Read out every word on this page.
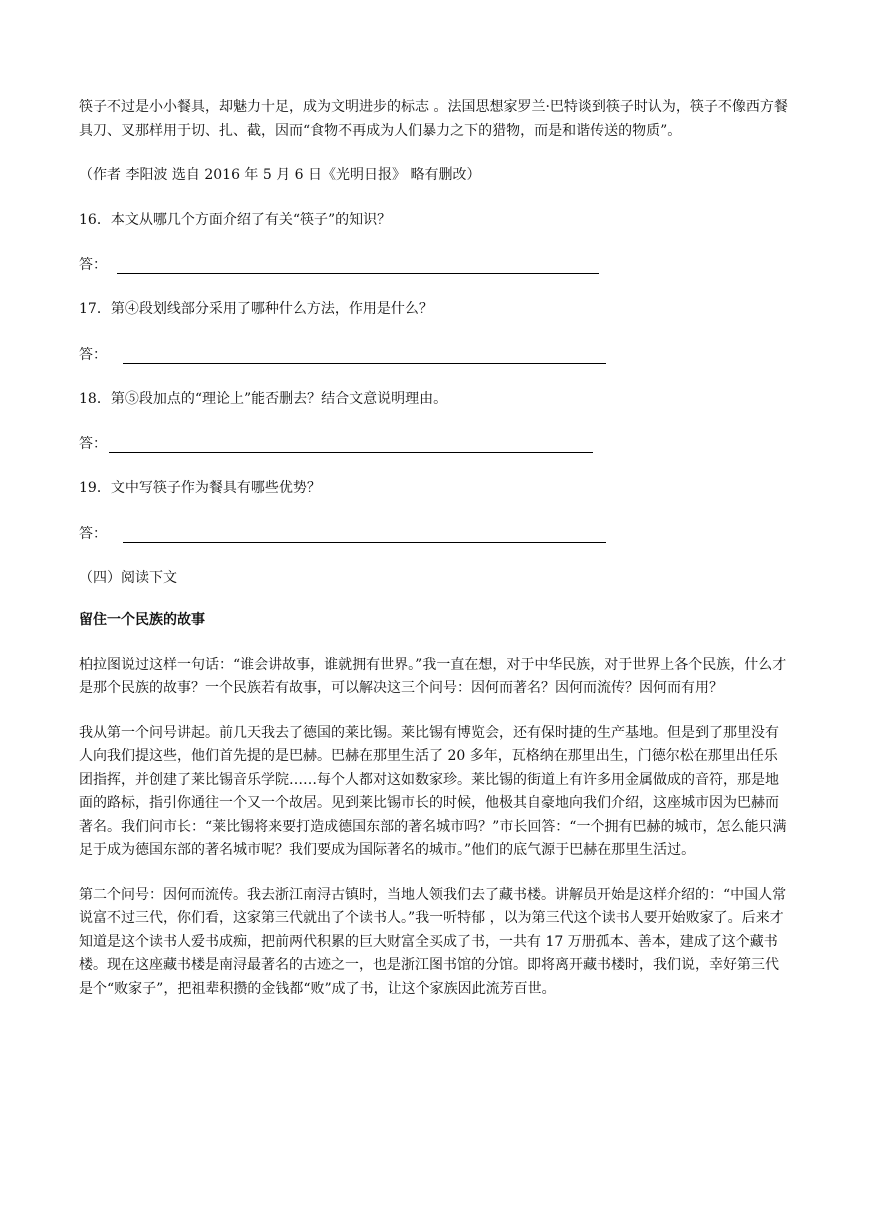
筷子不过是小小餐具，却魅力十足，成为文明进步的标志 。法国思想家罗兰·巴特谈到筷子时认为，筷子不像西方餐具刀、叉那样用于切、扎、截，因而“食物不再成为人们暴力之下的猎物，而是和谐传送的物质”。

（作者 李阳波 选自 2016 年 5 月 6 日《光明日报》 略有删改）

16．本文从哪几个方面介绍了有关“筷子”的知识？

答：

17．第④段划线部分采用了哪种什么方法，作用是什么？

答：

18．第⑤段加点的“理论上”能否删去？结合文意说明理由。

答：

19．文中写筷子作为餐具有哪些优势？

答：

（四）阅读下文

留住一个民族的故事

柏拉图说过这样一句话：“谁会讲故事，谁就拥有世界。”我一直在想，对于中华民族，对于世界上各个民族，什么才是那个民族的故事？一个民族若有故事，可以解决这三个问号：因何而著名？因何而流传？因何而有用？

我从第一个问号讲起。前几天我去了德国的莱比锡。莱比锡有博览会，还有保时捷的生产基地。但是到了那里没有人向我们提这些，他们首先提的是巴赫。巴赫在那里生活了 20 多年，瓦格纳在那里出生，门德尔松在那里出任乐团指挥，并创建了莱比锡音乐学院……每个人都对这如数家珍。莱比锡的街道上有许多用金属做成的音符，那是地面的路标，指引你通往一个又一个故居。见到莱比锡市长的时候，他极其自豪地向我们介绍，这座城市因为巴赫而著名。我们问市长：“莱比锡将来要打造成德国东部的著名城市吗？”市长回答：“一个拥有巴赫的城市，怎么能只满足于成为德国东部的著名城市呢？我们要成为国际著名的城市。”他们的底气源于巴赫在那里生活过。

第二个问号：因何而流传。我去浙江南浔古镇时，当地人领我们去了藏书楼。讲解员开始是这样介绍的：“中国人常说富不过三代，你们看，这家第三代就出了个读书人。”我一听特郁 ，以为第三代这个读书人要开始败家了。后来才知道是这个读书人爱书成痴，把前两代积累的巨大财富全买成了书，一共有 17 万册孤本、善本，建成了这个藏书楼。现在这座藏书楼是南浔最著名的古迹之一，也是浙江图书馆的分馆。即将离开藏书楼时，我们说，幸好第三代是个“败家子”，把祖辈积攒的金钱都“败”成了书，让这个家族因此流芳百世。
